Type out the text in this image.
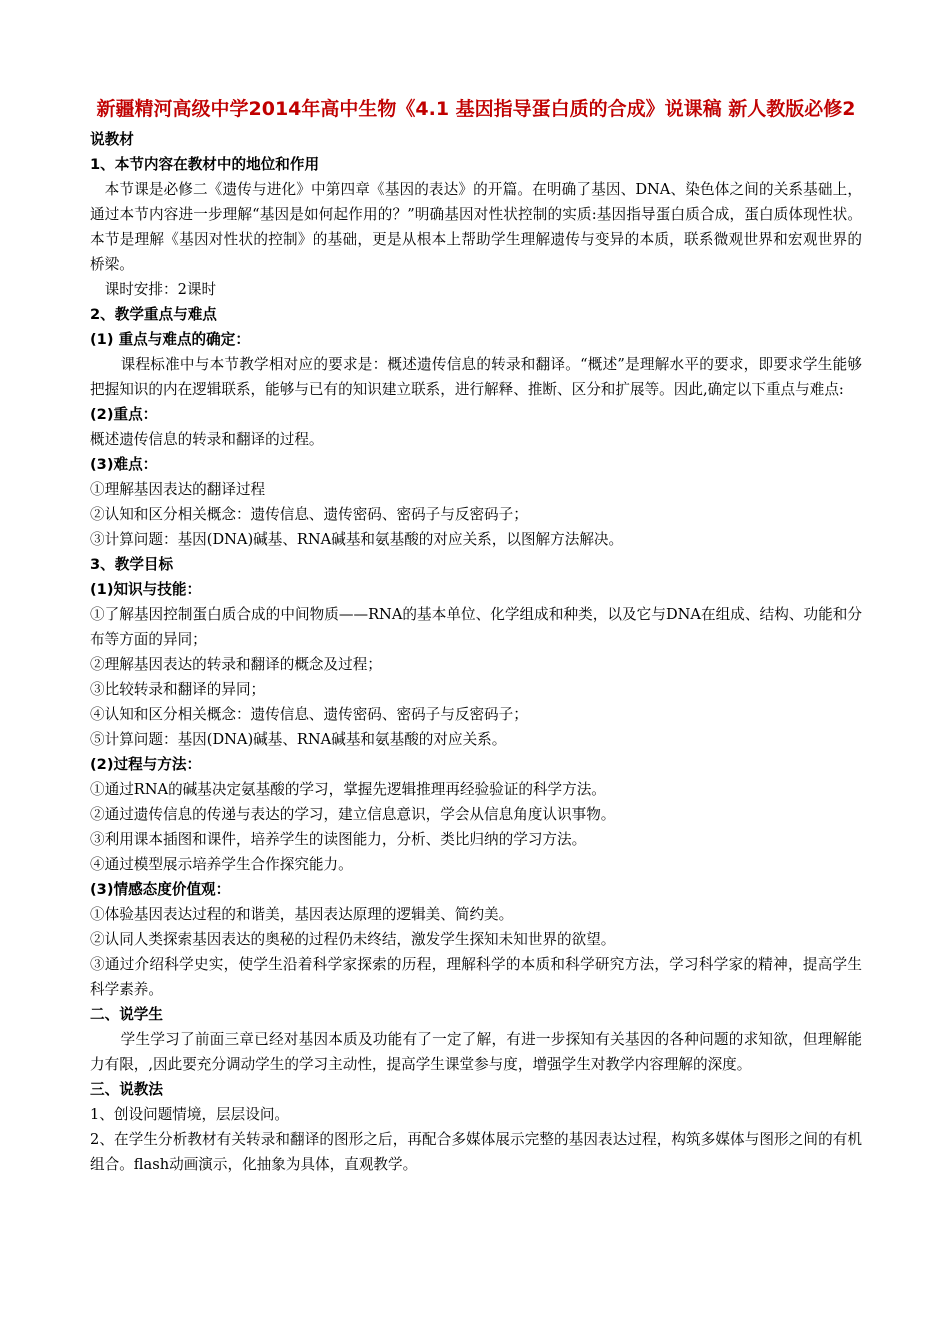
新疆精河高级中学2014年高中生物《4.1 基因指导蛋白质的合成》说课稿 新人教版必修2

说教材

1、本节内容在教材中的地位和作用

本节课是必修二《遗传与进化》中第四章《基因的表达》的开篇。在明确了基因、DNA、染色体之间的关系基础上，通过本节内容进一步理解“基因是如何起作用的？”明确基因对性状控制的实质:基因指导蛋白质合成，蛋白质体现性状。本节是理解《基因对性状的控制》的基础，更是从根本上帮助学生理解遗传与变异的本质，联系微观世界和宏观世界的桥梁。

课时安排：2课时

2、教学重点与难点

(1) 重点与难点的确定：

课程标准中与本节教学相对应的要求是：概述遗传信息的转录和翻译。“概述”是理解水平的要求，即要求学生能够把握知识的内在逻辑联系，能够与已有的知识建立联系，进行解释、推断、区分和扩展等。因此,确定以下重点与难点:

(2)重点：

概述遗传信息的转录和翻译的过程。

(3)难点：

①理解基因表达的翻译过程

②认知和区分相关概念：遗传信息、遗传密码、密码子与反密码子；

③计算问题：基因(DNA)碱基、RNA碱基和氨基酸的对应关系，以图解方法解决。

3、教学目标

(1)知识与技能：

①了解基因控制蛋白质合成的中间物质——RNA的基本单位、化学组成和种类，以及它与DNA在组成、结构、功能和分布等方面的异同；

②理解基因表达的转录和翻译的概念及过程；

③比较转录和翻译的异同；

④认知和区分相关概念：遗传信息、遗传密码、密码子与反密码子；

⑤计算问题：基因(DNA)碱基、RNA碱基和氨基酸的对应关系。

(2)过程与方法：

①通过RNA的碱基决定氨基酸的学习，掌握先逻辑推理再经验验证的科学方法。

②通过遗传信息的传递与表达的学习，建立信息意识，学会从信息角度认识事物。

③利用课本插图和课件，培养学生的读图能力，分析、类比归纳的学习方法。

④通过模型展示培养学生合作探究能力。

(3)情感态度价值观：

①体验基因表达过程的和谐美，基因表达原理的逻辑美、简约美。

②认同人类探索基因表达的奥秘的过程仍未终结，激发学生探知未知世界的欲望。

③通过介绍科学史实，使学生沿着科学家探索的历程，理解科学的本质和科学研究方法，学习科学家的精神，提高学生科学素养。

二、说学生

学生学习了前面三章已经对基因本质及功能有了一定了解，有进一步探知有关基因的各种问题的求知欲，但理解能力有限，,因此要充分调动学生的学习主动性，提高学生课堂参与度，增强学生对教学内容理解的深度。

三、说教法

1、创设问题情境，层层设问。

2、在学生分析教材有关转录和翻译的图形之后，再配合多媒体展示完整的基因表达过程，构筑多媒体与图形之间的有机组合。flash动画演示，化抽象为具体，直观教学。
